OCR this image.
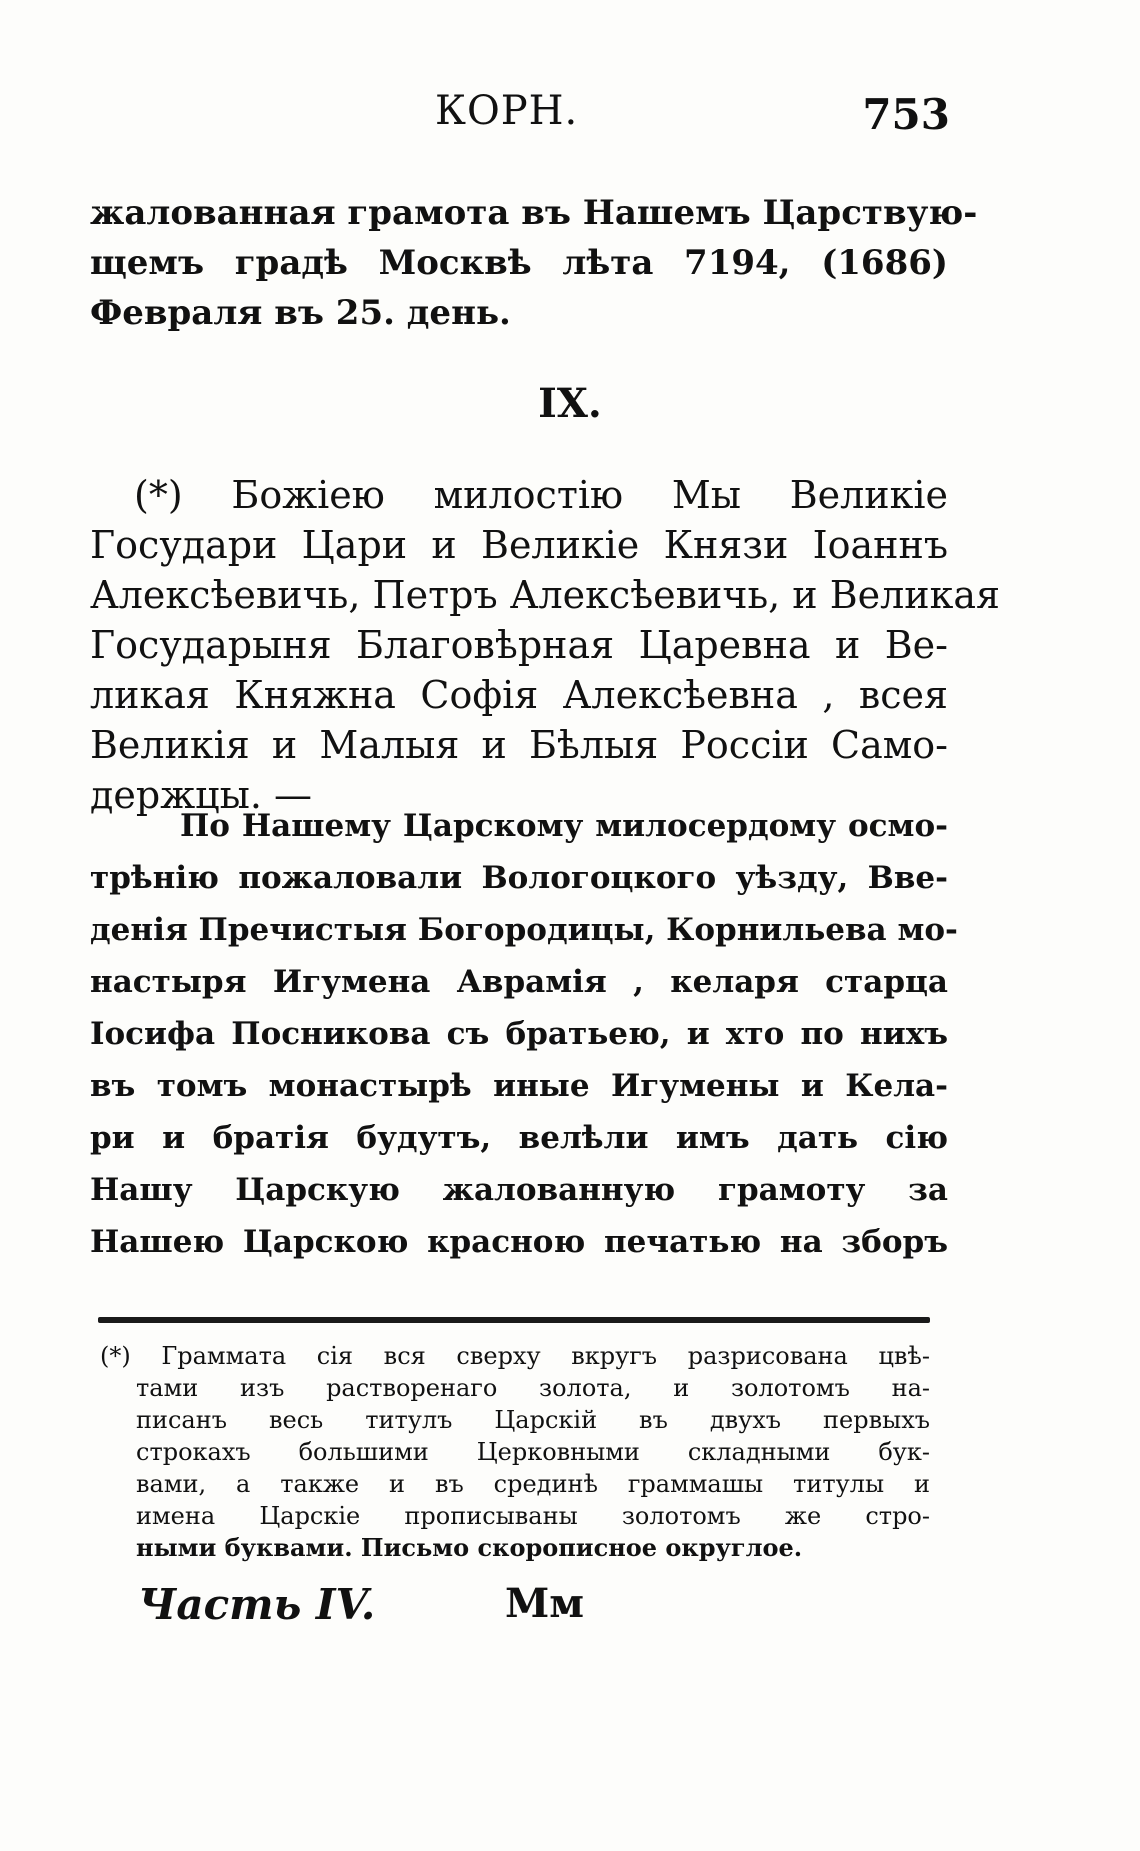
КОРН.	753
жалованная грамота въ Нашемъ Царствую-
щемъ градѣ Москвѣ лѣта 7194, (1686)
Февраля въ 25. день.
IX.
(*) Божіею милостію Мы Великіе
Государи Цари и Великіе Князи Іоаннъ
Алексѣевичь, Петръ Алексѣевичь, и Великая
Государыня Благовѣрная Царевна и Ве-
ликая Княжна Софія Алексѣевна , всея
Великія и Малыя и Бѣлыя Россіи Само-
держцы. —
По Нашему Царскому милосердому осмо-
трѣнію пожаловали Вологоцкого уѣзду, Вве-
денія Пречистыя Богородицы, Корнильева мо-
настыря Игумена Аврамія , келаря старца
Іосифа Посникова съ братьею, и хто по нихъ
въ томъ монастырѣ иные Игумены и Кела-
ри и братія будутъ, велѣли имъ дать сію
Нашу Царскую жалованную грамоту за
Нашею Царскою красною печатью на зборъ
(*) Граммата сія вся сверху вкругъ разрисована цвѣ-
тами изъ растворенаго золота, и золотомъ на-
писанъ весь титулъ Царскій въ двухъ первыхъ
строкахъ большими Церковными складными бук-
вами, а также и въ срединѣ граммашы титулы и
имена Царскіе прописываны золотомъ же стро-
ными буквами. Письмо скорописное округлое.
Часть IV.	Мм
